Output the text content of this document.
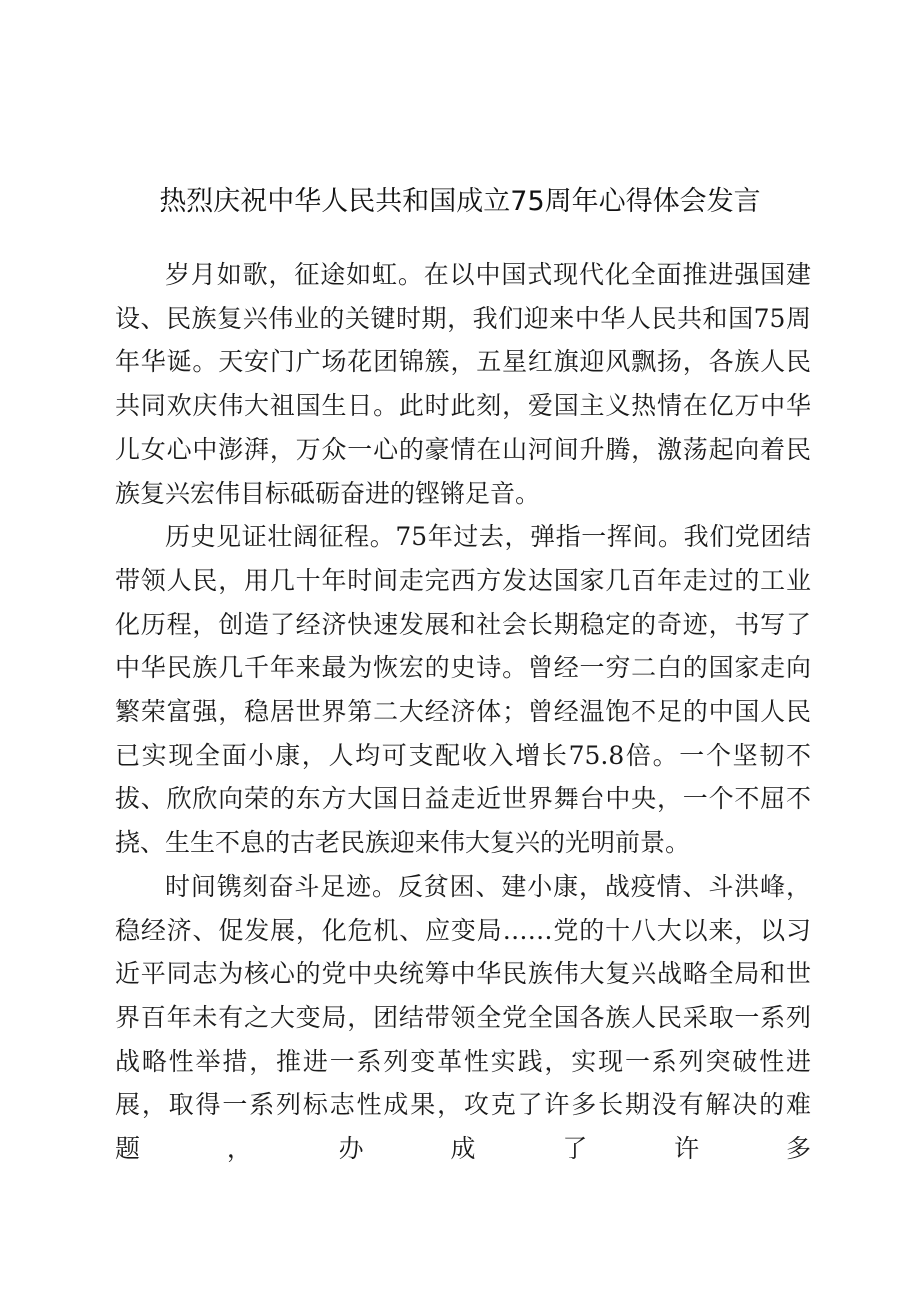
热烈庆祝中华人民共和国成立75周年心得体会发言

岁月如歌，征途如虹。在以中国式现代化全面推进强国建设、民族复兴伟业的关键时期，我们迎来中华人民共和国75周年华诞。天安门广场花团锦簇，五星红旗迎风飘扬，各族人民共同欢庆伟大祖国生日。此时此刻，爱国主义热情在亿万中华儿女心中澎湃，万众一心的豪情在山河间升腾，激荡起向着民族复兴宏伟目标砥砺奋进的铿锵足音。

历史见证壮阔征程。75年过去，弹指一挥间。我们党团结带领人民，用几十年时间走完西方发达国家几百年走过的工业化历程，创造了经济快速发展和社会长期稳定的奇迹，书写了中华民族几千年来最为恢宏的史诗。曾经一穷二白的国家走向繁荣富强，稳居世界第二大经济体；曾经温饱不足的中国人民已实现全面小康，人均可支配收入增长75.8倍。一个坚韧不拔、欣欣向荣的东方大国日益走近世界舞台中央，一个不屈不挠、生生不息的古老民族迎来伟大复兴的光明前景。

时间镌刻奋斗足迹。反贫困、建小康，战疫情、斗洪峰，稳经济、促发展，化危机、应变局……党的十八大以来，以习近平同志为核心的党中央统筹中华民族伟大复兴战略全局和世界百年未有之大变局，团结带领全党全国各族人民采取一系列战略性举措，推进一系列变革性实践，实现一系列突破性进展，取得一系列标志性成果，攻克了许多长期没有解决的难题，办成了许多
